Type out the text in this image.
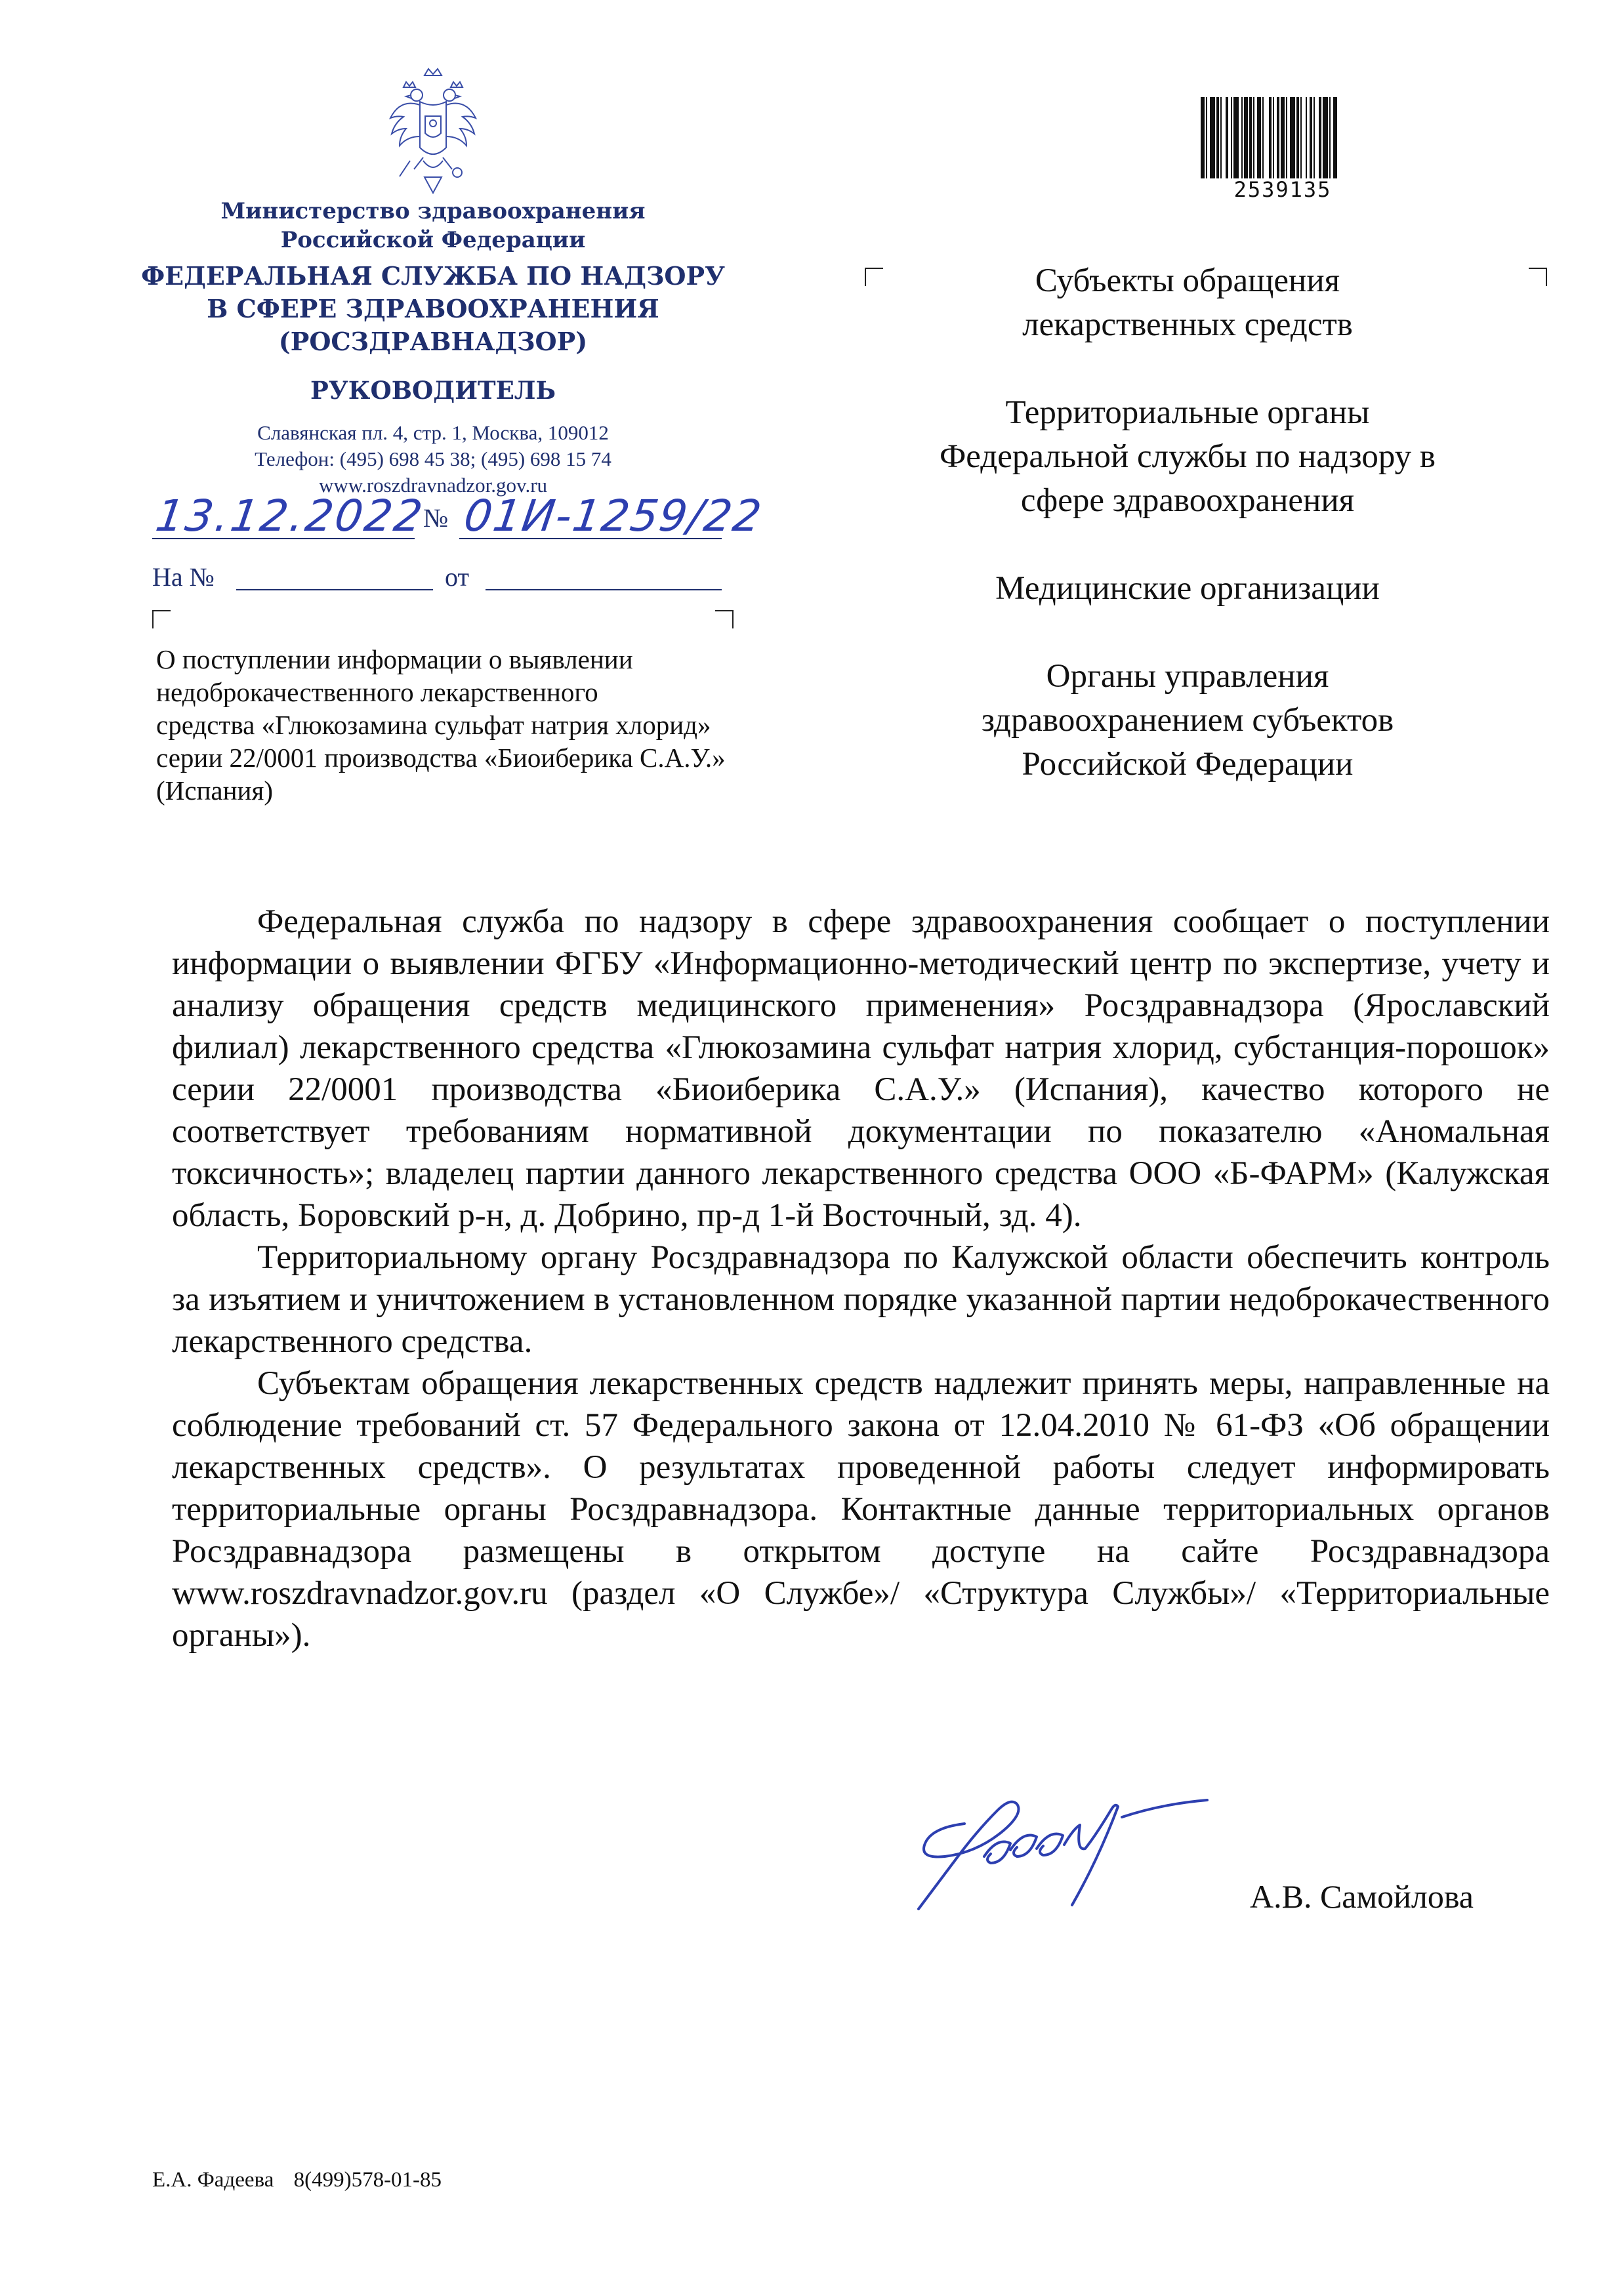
Министерство здравоохранения
Российской Федерации
ФЕДЕРАЛЬНАЯ СЛУЖБА ПО НАДЗОРУ
В СФЕРЕ ЗДРАВООХРАНЕНИЯ
(РОСЗДРАВНАДЗОР)
РУКОВОДИТЕЛЬ
Славянская пл. 4, стр. 1, Москва, 109012
Телефон: (495) 698 45 38; (495) 698 15 74
www.roszdravnadzor.gov.ru
13.12.2022
№ 01И-1259/22
На №	от
О поступлении информации о выявлении
недоброкачественного лекарственного
средства «Глюкозамина сульфат натрия хлорид»
серии 22/0001 производства «Биоиберика С.А.У.»
(Испания)
2539135
Субъекты обращения
лекарственных средств
Территориальные органы
Федеральной службы по надзору в
сфере здравоохранения
Медицинские организации
Органы управления
здравоохранением субъектов
Российской Федерации

Федеральная служба по надзору в сфере здравоохранения сообщает о поступлении информации о выявлении ФГБУ «Информационно-методический центр по экспертизе, учету и анализу обращения средств медицинского применения» Росздравнадзора (Ярославский филиал) лекарственного средства «Глюкозамина сульфат натрия хлорид, субстанция-порошок» серии 22/0001 производства «Биоиберика С.А.У.» (Испания), качество которого не соответствует требованиям нормативной документации по показателю «Аномальная токсичность»; владелец партии данного лекарственного средства ООО «Б-ФАРМ» (Калужская область, Боровский р-н, д. Добрино, пр-д 1-й Восточный, зд. 4).

Территориальному органу Росздравнадзора по Калужской области обеспечить контроль за изъятием и уничтожением в установленном порядке указанной партии недоброкачественного лекарственного средства.

Субъектам обращения лекарственных средств надлежит принять меры, направленные на соблюдение требований ст. 57 Федерального закона от 12.04.2010 № 61-ФЗ «Об обращении лекарственных средств». О результатах проведенной работы следует информировать территориальные органы Росздравнадзора. Контактные данные территориальных органов Росздравнадзора размещены в открытом доступе на сайте Росздравнадзора www.roszdravnadzor.gov.ru (раздел «О Службе»/ «Структура Службы»/ «Территориальные органы»).

А.В. Самойлова
Е.А. Фадеева 8(499)578-01-85
